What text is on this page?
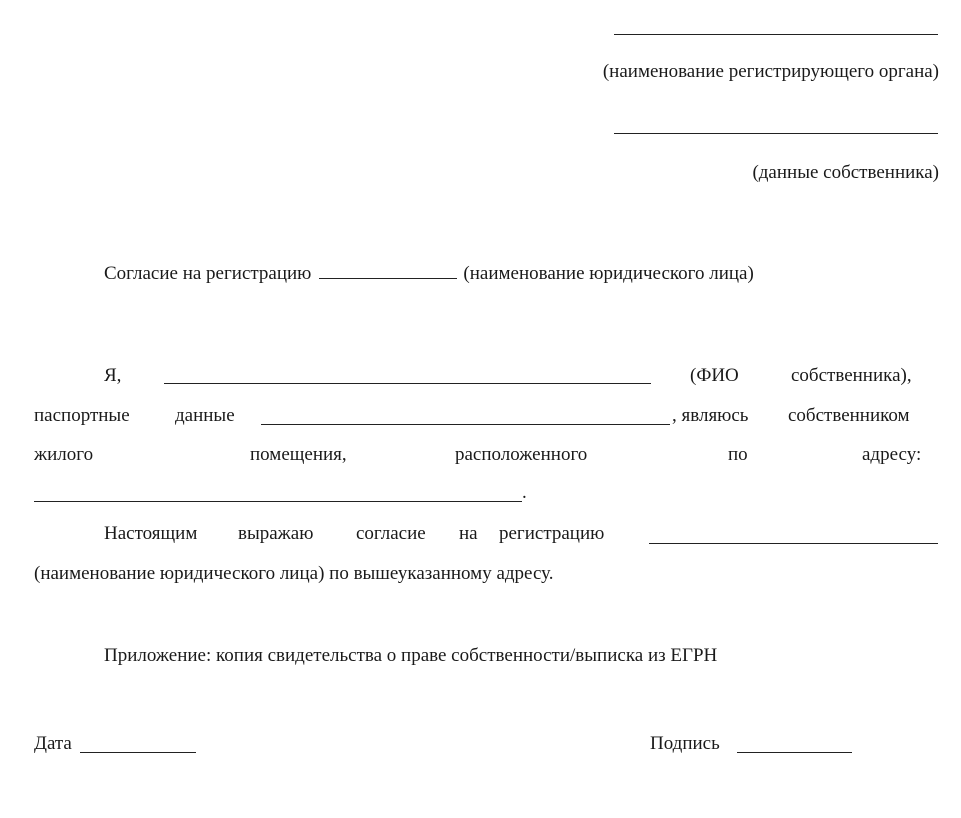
(наименование регистрирующего органа)
(данные собственника)
Согласие на регистрацию	(наименование юридического лица)
Я,	(ФИО	собственника),
паспортные данные	, являюсь собственником
жилого	помещения,	расположенного	по	адресу:
.
Настоящим выражаю согласие на регистрацию
(наименование юридического лица) по вышеуказанному адресу.
Приложение: копия свидетельства о праве собственности/выписка из ЕГРН
Дата	Подпись
